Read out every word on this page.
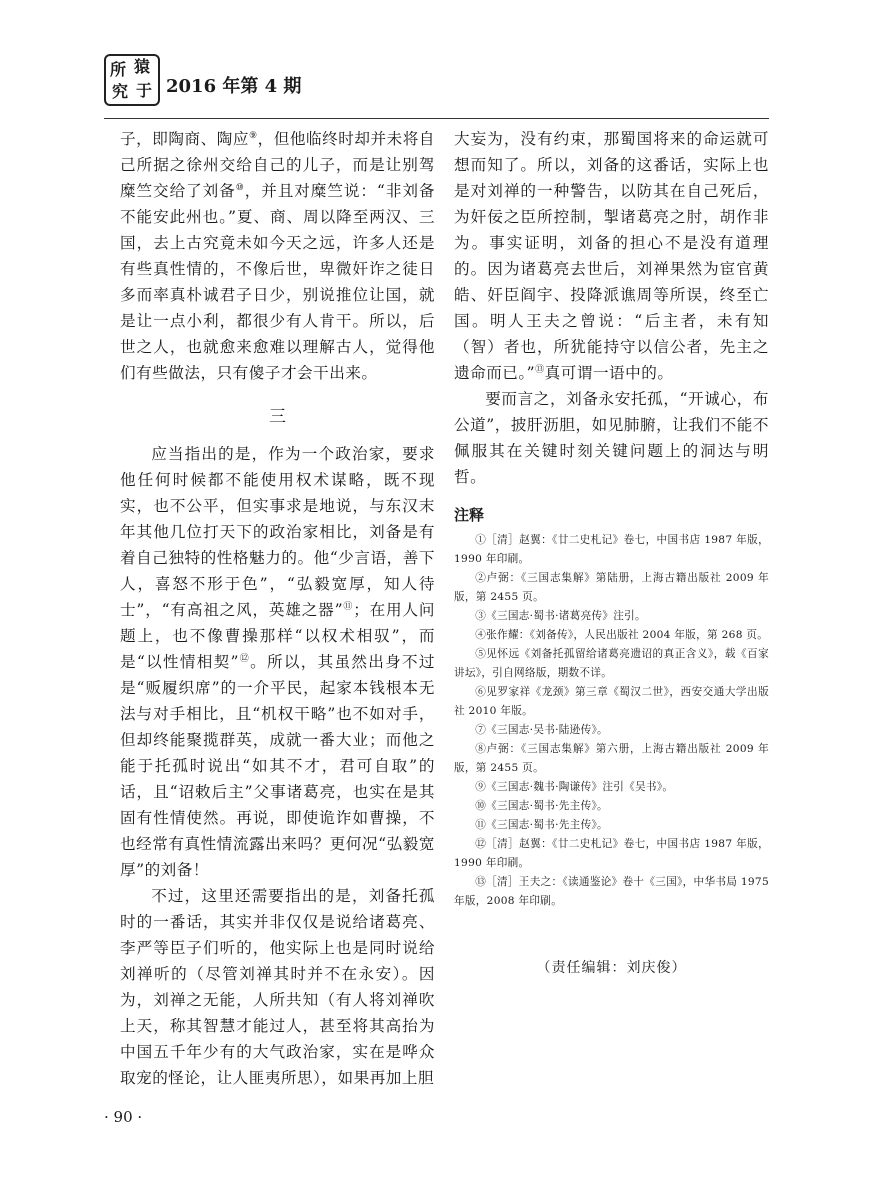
所 猿
究 于 2016 年第 4 期

子，即陶商、陶应⑨，但他临终时却并未将自己所据之徐州交给自己的儿子，而是让别驾糜竺交给了刘备⑩，并且对糜竺说：“非刘备不能安此州也。”夏、商、周以降至两汉、三国，去上古究竟未如今天之远，许多人还是有些真性情的，不像后世，卑微奸诈之徒日多而率真朴诚君子日少，别说推位让国，就是让一点小利，都很少有人肯干。所以，后世之人，也就愈来愈难以理解古人，觉得他们有些做法，只有傻子才会干出来。

三

应当指出的是，作为一个政治家，要求他任何时候都不能使用权术谋略，既不现实，也不公平，但实事求是地说，与东汉末年其他几位打天下的政治家相比，刘备是有着自己独特的性格魅力的。他“少言语，善下人，喜怒不形于色”，“弘毅宽厚，知人待士”，“有高祖之风，英雄之器”⑪；在用人问题上，也不像曹操那样“以权术相驭”，而是“以性情相契”⑫。所以，其虽然出身不过是“贩履织席”的一介平民，起家本钱根本无法与对手相比，且“机权干略”也不如对手，但却终能聚揽群英，成就一番大业；而他之能于托孤时说出“如其不才，君可自取”的话，且“诏敕后主”父事诸葛亮，也实在是其固有性情使然。再说，即使诡诈如曹操，不也经常有真性情流露出来吗？更何况“弘毅宽厚”的刘备！

不过，这里还需要指出的是，刘备托孤时的一番话，其实并非仅仅是说给诸葛亮、李严等臣子们听的，他实际上也是同时说给刘禅听的（尽管刘禅其时并不在永安）。因为，刘禅之无能，人所共知（有人将刘禅吹上天，称其智慧才能过人，甚至将其高抬为中国五千年少有的大气政治家，实在是哗众取宠的怪论，让人匪夷所思），如果再加上胆

大妄为，没有约束，那蜀国将来的命运就可想而知了。所以，刘备的这番话，实际上也是对刘禅的一种警告，以防其在自己死后，为奸佞之臣所控制，掣诸葛亮之肘，胡作非为。事实证明，刘备的担心不是没有道理的。因为诸葛亮去世后，刘禅果然为宦官黄皓、奸臣阎宇、投降派谯周等所误，终至亡国。明人王夫之曾说：“后主者，未有知（智）者也，所犹能持守以信公者，先主之遗命而已。”⑬真可谓一语中的。

要而言之，刘备永安托孤，“开诚心，布公道”，披肝沥胆，如见肺腑，让我们不能不佩服其在关键时刻关键问题上的洞达与明哲。

注释

①［清］赵翼：《廿二史札记》卷七，中国书店 1987 年版，1990 年印刷。

②卢弼：《三国志集解》第陆册，上海古籍出版社 2009 年版，第 2455 页。

③《三国志·蜀书·诸葛亮传》注引。

④张作耀：《刘备传》，人民出版社 2004 年版，第 268 页。

⑤见怀远《刘备托孤留给诸葛亮遗诏的真正含义》，载《百家讲坛》，引自网络版，期数不详。

⑥见罗家祥《龙颈》第三章《蜀汉二世》，西安交通大学出版社 2010 年版。

⑦《三国志·吴书·陆逊传》。

⑧卢弼：《三国志集解》第六册，上海古籍出版社 2009 年版，第 2455 页。

⑨《三国志·魏书·陶谦传》注引《吴书》。

⑩《三国志·蜀书·先主传》。

⑪《三国志·蜀书·先主传》。

⑫［清］赵翼：《廿二史札记》卷七，中国书店 1987 年版，1990 年印刷。

⑬［清］王夫之：《读通鉴论》卷十《三国》，中华书局 1975 年版，2008 年印刷。

（责任编辑：刘庆俊）
· 90 ·
